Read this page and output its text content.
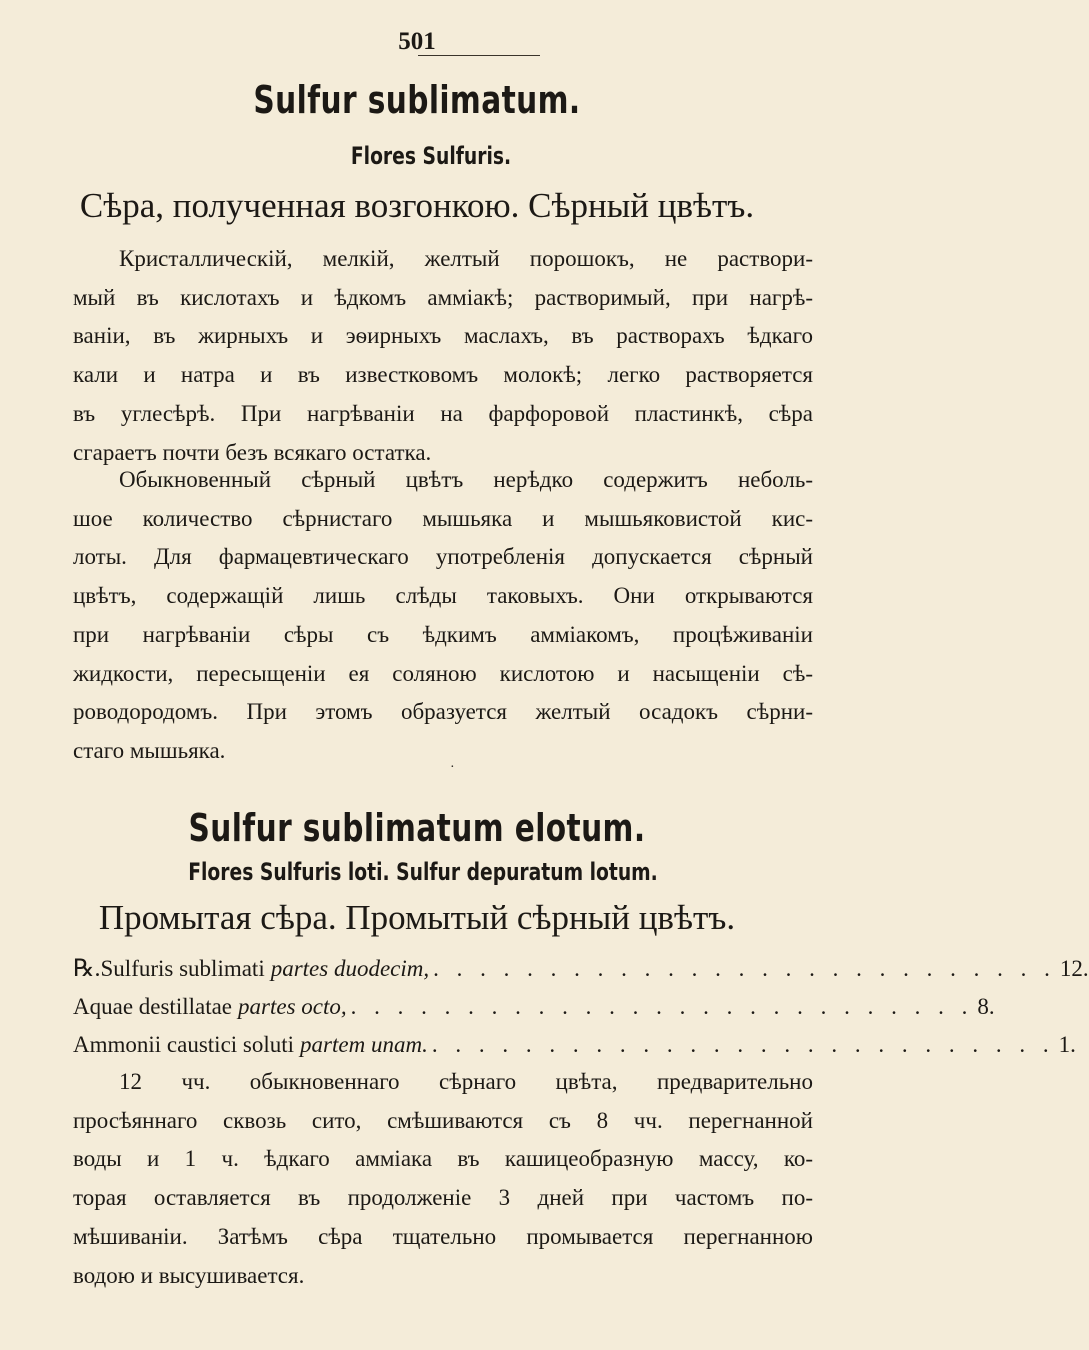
501
Sulfur sublimatum.
Flores Sulfuris.
Сѣра, полученная возгонкою. Сѣрный цвѣтъ.
Кристаллическій, мелкій, желтый порошокъ, не раствори-
мый въ кислотахъ и ѣдкомъ амміакѣ; растворимый, при нагрѣ-
ваніи, въ жирныхъ и эѳирныхъ маслахъ, въ растворахъ ѣдкаго
кали и натра и въ известковомъ молокѣ; легко растворяется
въ углесѣрѣ. При нагрѣваніи на фарфоровой пластинкѣ, сѣра
сгараетъ почти безъ всякаго остатка.
Обыкновенный сѣрный цвѣтъ нерѣдко содержитъ неболь-
шое количество сѣрнистаго мышьяка и мышьяковистой кис-
лоты. Для фармацевтическаго употребленія допускается сѣрный
цвѣтъ, содержащій лишь слѣды таковыхъ. Они открываются
при нагрѣваніи сѣры съ ѣдкимъ амміакомъ, процѣживаніи
жидкости, пересыщеніи ея соляною кислотою и насыщеніи сѣ-
роводородомъ. При этомъ образуется желтый осадокъ сѣрни-
стаго мышьяка.
Sulfur sublimatum elotum.
Flores Sulfuris loti. Sulfur depuratum lotum.
Промытая сѣра. Промытый сѣрный цвѣтъ.
℞. Sulfuris sublimati partes duodecim, . . . . . . . . . . . . . . . . . . . . . . . . . . . 12.
Aquae destillatae partes octo, . . . . . . . . . . . . . . . . . . . . . . . . . . . 8.
Ammonii caustici soluti partem unam. . . . . . . . . . . . . . . . . . . . . . . . . . . . 1.
12 чч. обыкновеннаго сѣрнаго цвѣта, предварительно
просѣяннаго сквозь сито, смѣшиваются съ 8 чч. перегнанной
воды и 1 ч. ѣдкаго амміака въ кашицеобразную массу, ко-
торая оставляется въ продолженіе 3 дней при частомъ по-
мѣшиваніи. Затѣмъ сѣра тщательно промывается перегнанною
водою и высушивается.
·
